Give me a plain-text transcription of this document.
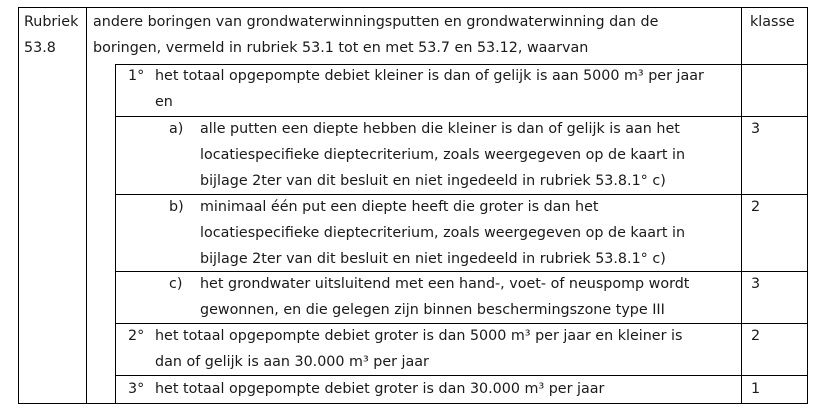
Rubriek
53.8
andere boringen van grondwaterwinningsputten en grondwaterwinning dan de
boringen, vermeld in rubriek 53.1 tot en met 53.7 en 53.12, waarvan
klasse
1° het totaal opgepompte debiet kleiner is dan of gelijk is aan 5000 m³ per jaar
en
a) alle putten een diepte hebben die kleiner is dan of gelijk is aan het
locatiespecifieke dieptecriterium, zoals weergegeven op de kaart in
bijlage 2ter van dit besluit en niet ingedeeld in rubriek 53.8.1° c)
3
b) minimaal één put een diepte heeft die groter is dan het
locatiespecifieke dieptecriterium, zoals weergegeven op de kaart in
bijlage 2ter van dit besluit en niet ingedeeld in rubriek 53.8.1° c)
2
c) het grondwater uitsluitend met een hand-, voet- of neuspomp wordt
gewonnen, en die gelegen zijn binnen beschermingszone type III
3
2° het totaal opgepompte debiet groter is dan 5000 m³ per jaar en kleiner is
dan of gelijk is aan 30.000 m³ per jaar
2
3° het totaal opgepompte debiet groter is dan 30.000 m³ per jaar	1
